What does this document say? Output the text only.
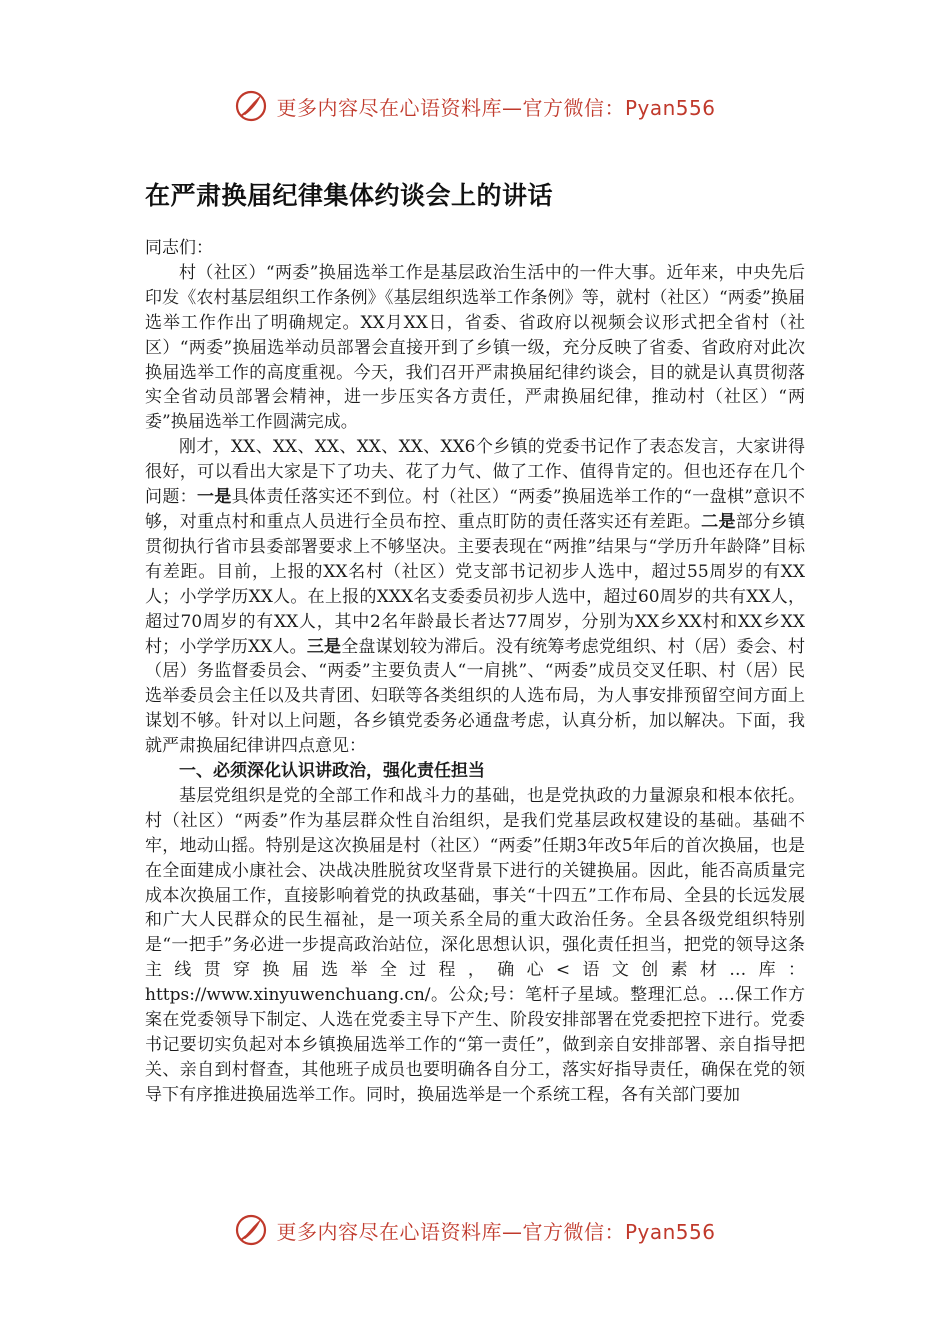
更多内容尽在心语资料库—官方微信：Pyan556
在严肃换届纪律集体约谈会上的讲话

同志们：

村（社区）“两委”换届选举工作是基层政治生活中的一件大事。近年来，中央先后印发《农村基层组织工作条例》《基层组织选举工作条例》等，就村（社区）“两委”换届选举工作作出了明确规定。XX月XX日，省委、省政府以视频会议形式把全省村（社区）“两委”换届选举动员部署会直接开到了乡镇一级，充分反映了省委、省政府对此次换届选举工作的高度重视。今天，我们召开严肃换届纪律约谈会，目的就是认真贯彻落实全省动员部署会精神，进一步压实各方责任，严肃换届纪律，推动村（社区）“两委”换届选举工作圆满完成。

刚才，XX、XX、XX、XX、XX、XX6个乡镇的党委书记作了表态发言，大家讲得很好，可以看出大家是下了功夫、花了力气、做了工作、值得肯定的。但也还存在几个问题：一是具体责任落实还不到位。村（社区）“两委”换届选举工作的“一盘棋”意识不够，对重点村和重点人员进行全员布控、重点盯防的责任落实还有差距。二是部分乡镇贯彻执行省市县委部署要求上不够坚决。主要表现在“两推”结果与“学历升年龄降”目标有差距。目前，上报的XX名村（社区）党支部书记初步人选中，超过55周岁的有XX人；小学学历XX人。在上报的XXX名支委委员初步人选中，超过60周岁的共有XX人，超过70周岁的有XX人，其中2名年龄最长者达77周岁，分别为XX乡XX村和XX乡XX村；小学学历XX人。三是全盘谋划较为滞后。没有统筹考虑党组织、村（居）委会、村（居）务监督委员会、“两委”主要负责人“一肩挑”、“两委”成员交叉任职、村（居）民选举委员会主任以及共青团、妇联等各类组织的人选布局，为人事安排预留空间方面上谋划不够。针对以上问题，各乡镇党委务必通盘考虑，认真分析，加以解决。下面，我就严肃换届纪律讲四点意见：

一、必须深化认识讲政治，强化责任担当

基层党组织是党的全部工作和战斗力的基础，也是党执政的力量源泉和根本依托。村（社区）“两委”作为基层群众性自治组织，是我们党基层政权建设的基础。基础不牢，地动山摇。特别是这次换届是村（社区）“两委”任期3年改5年后的首次换届，也是在全面建成小康社会、决战决胜脱贫攻坚背景下进行的关键换届。因此，能否高质量完成本次换届工作，直接影响着党的执政基础，事关“十四五”工作布局、全县的长远发展和广大人民群众的民生福祉，是一项关系全局的重大政治任务。全县各级党组织特别是“一把手”务必进一步提高政治站位，深化思想认识，强化责任担当，把党的领导这条主线贯穿换届选举全过程，确心<语文创素材…库：https://www.xinyuwenchuang.cn/。公众;号：笔杆子星域。整理汇总。…保工作方案在党委领导下制定、人选在党委主导下产生、阶段安排部署在党委把控下进行。党委书记要切实负起对本乡镇换届选举工作的“第一责任”，做到亲自安排部署、亲自指导把关、亲自到村督查，其他班子成员也要明确各自分工，落实好指导责任，确保在党的领导下有序推进换届选举工作。同时，换届选举是一个系统工程，各有关部门要加

更多内容尽在心语资料库—官方微信：Pyan556
